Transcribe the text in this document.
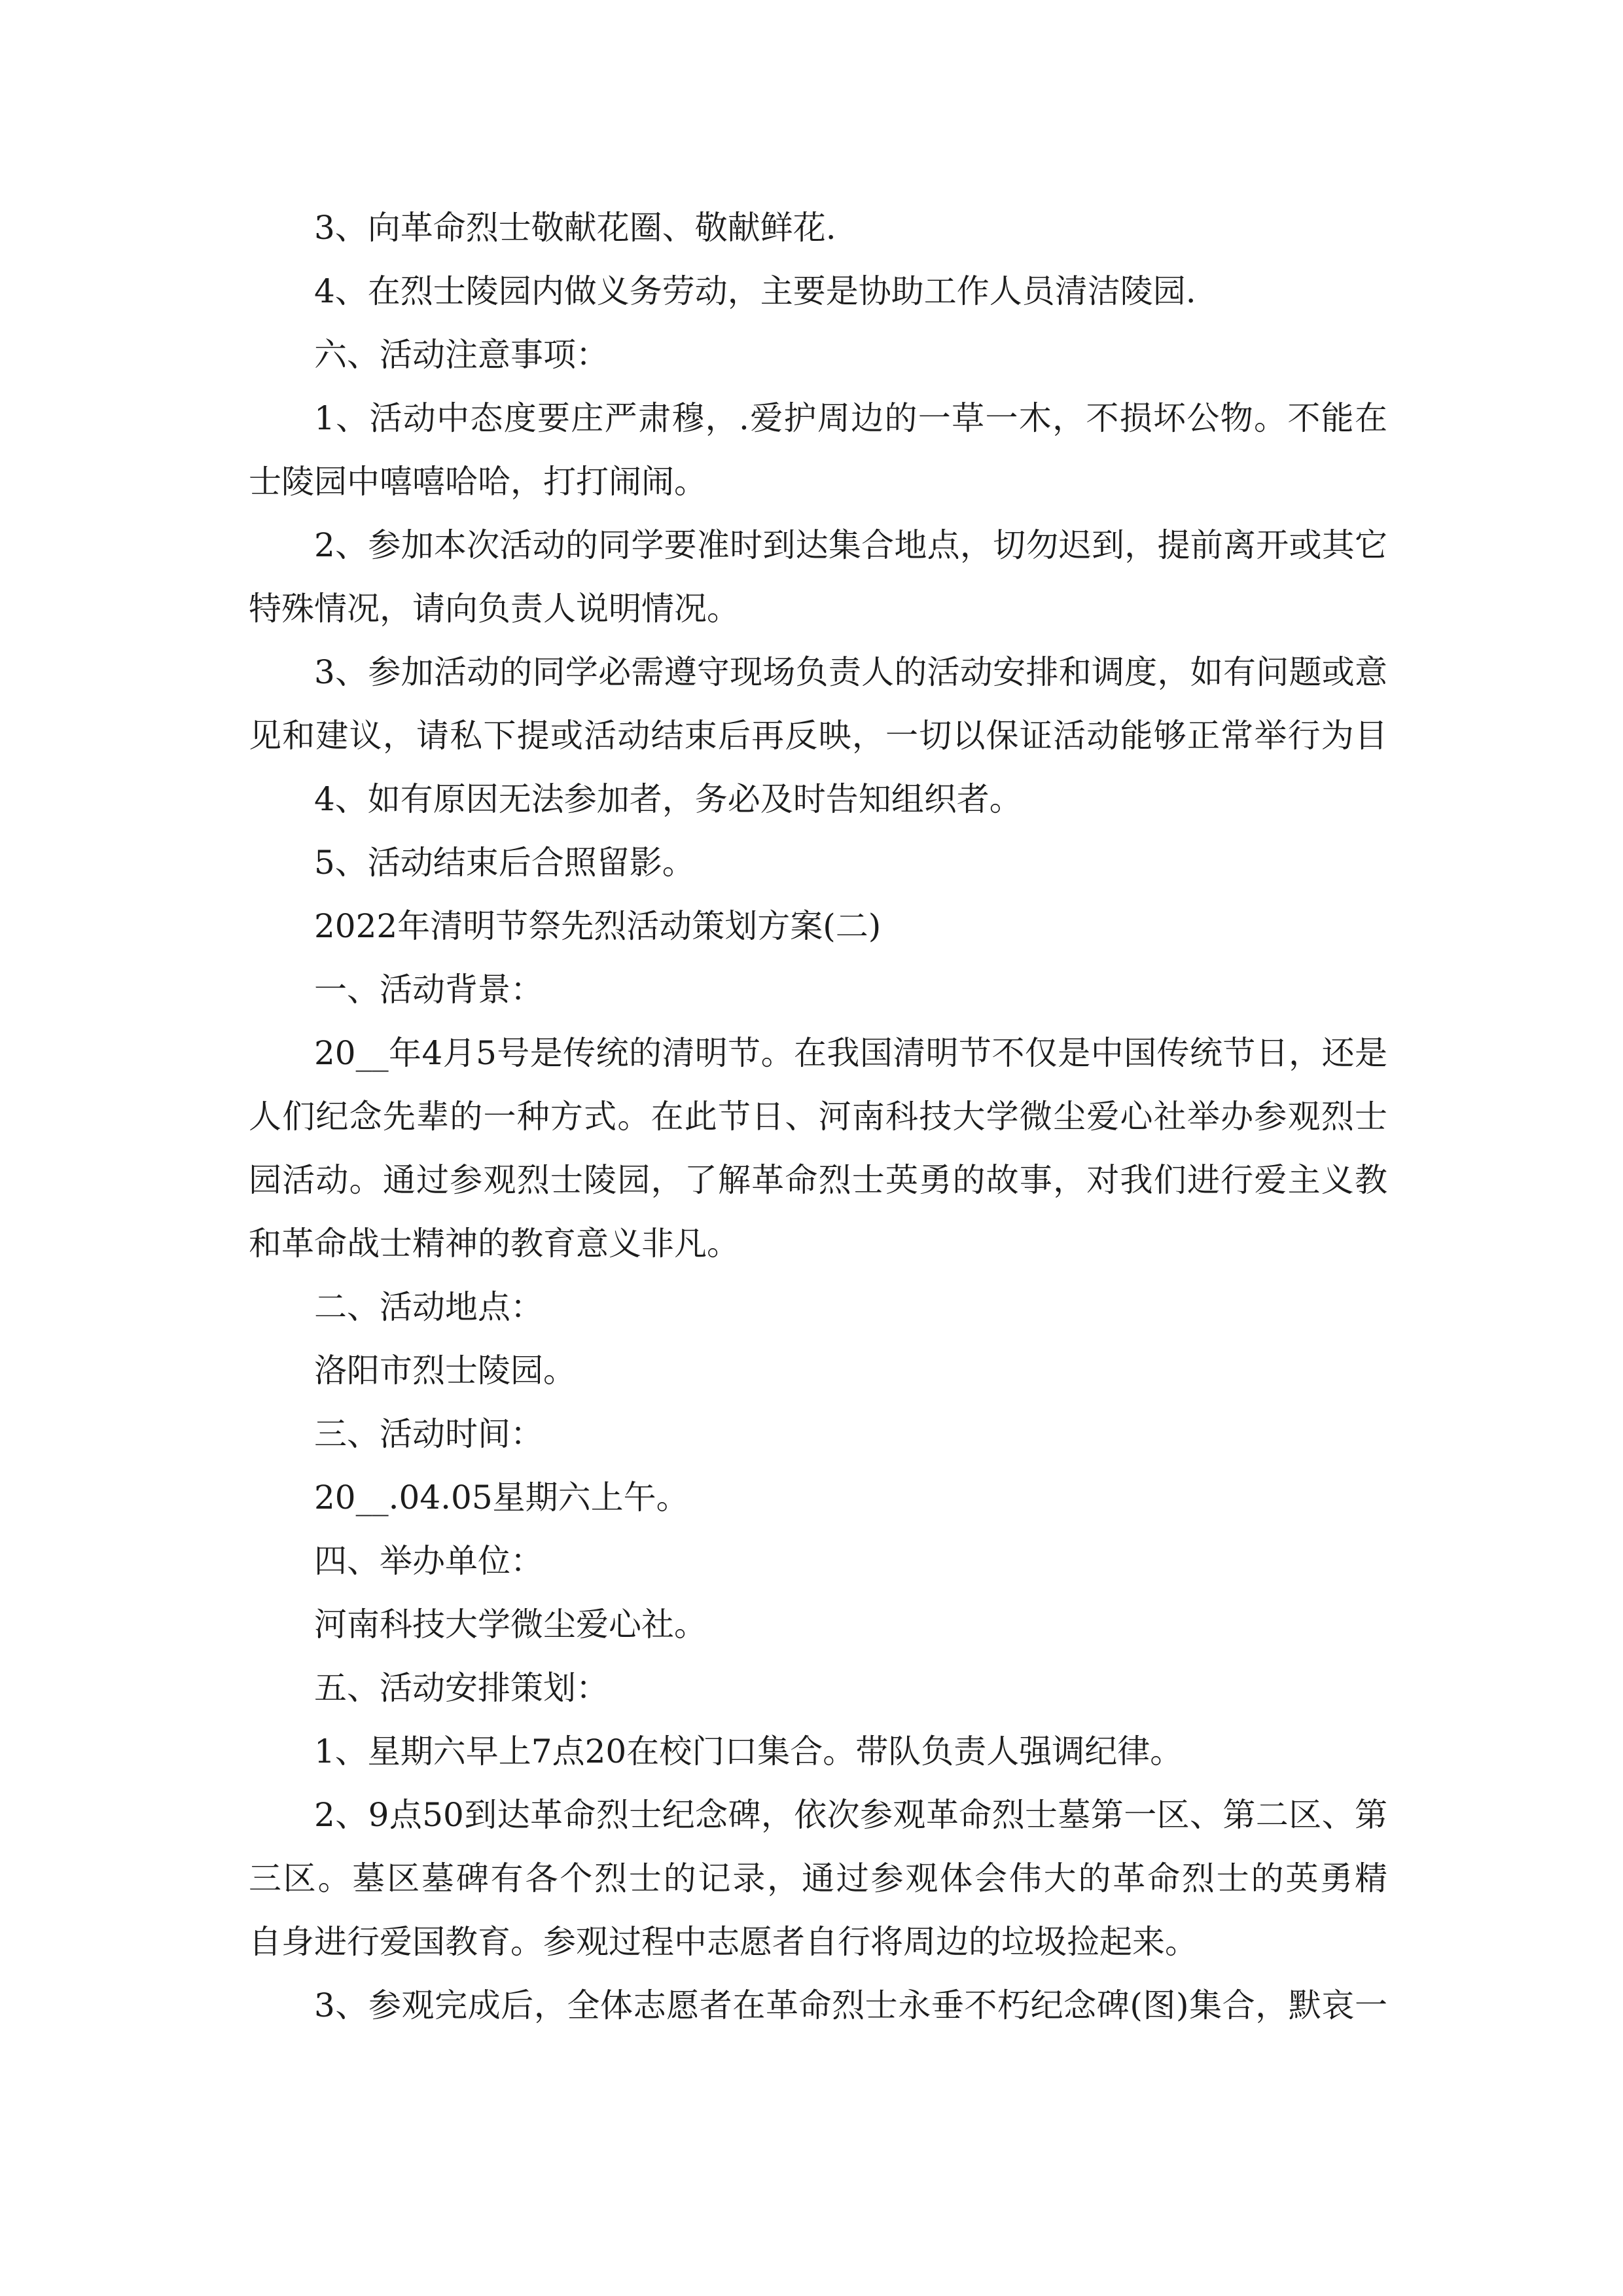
3、向革命烈士敬献花圈、敬献鲜花.
4、在烈士陵园内做义务劳动，主要是协助工作人员清洁陵园.
六、活动注意事项：
1、活动中态度要庄严肃穆，.爱护周边的一草一木，不损坏公物。不能在
士陵园中嘻嘻哈哈，打打闹闹。
2、参加本次活动的同学要准时到达集合地点，切勿迟到，提前离开或其它
特殊情况，请向负责人说明情况。
3、参加活动的同学必需遵守现场负责人的活动安排和调度，如有问题或意
见和建议，请私下提或活动结束后再反映，一切以保证活动能够正常举行为目
4、如有原因无法参加者，务必及时告知组织者。
5、活动结束后合照留影。
2022年清明节祭先烈活动策划方案(二)
一、活动背景：
20__年4月5号是传统的清明节。在我国清明节不仅是中国传统节日，还是
人们纪念先辈的一种方式。在此节日、河南科技大学微尘爱心社举办参观烈士
园活动。通过参观烈士陵园，了解革命烈士英勇的故事，对我们进行爱主义教
和革命战士精神的教育意义非凡。
二、活动地点：
洛阳市烈士陵园。
三、活动时间：
20__.04.05星期六上午。
四、举办单位：
河南科技大学微尘爱心社。
五、活动安排策划：
1、星期六早上7点20在校门口集合。带队负责人强调纪律。
2、9点50到达革命烈士纪念碑，依次参观革命烈士墓第一区、第二区、第
三区。墓区墓碑有各个烈士的记录，通过参观体会伟大的革命烈士的英勇精
自身进行爱国教育。参观过程中志愿者自行将周边的垃圾捡起来。
3、参观完成后，全体志愿者在革命烈士永垂不朽纪念碑(图)集合，默哀一
